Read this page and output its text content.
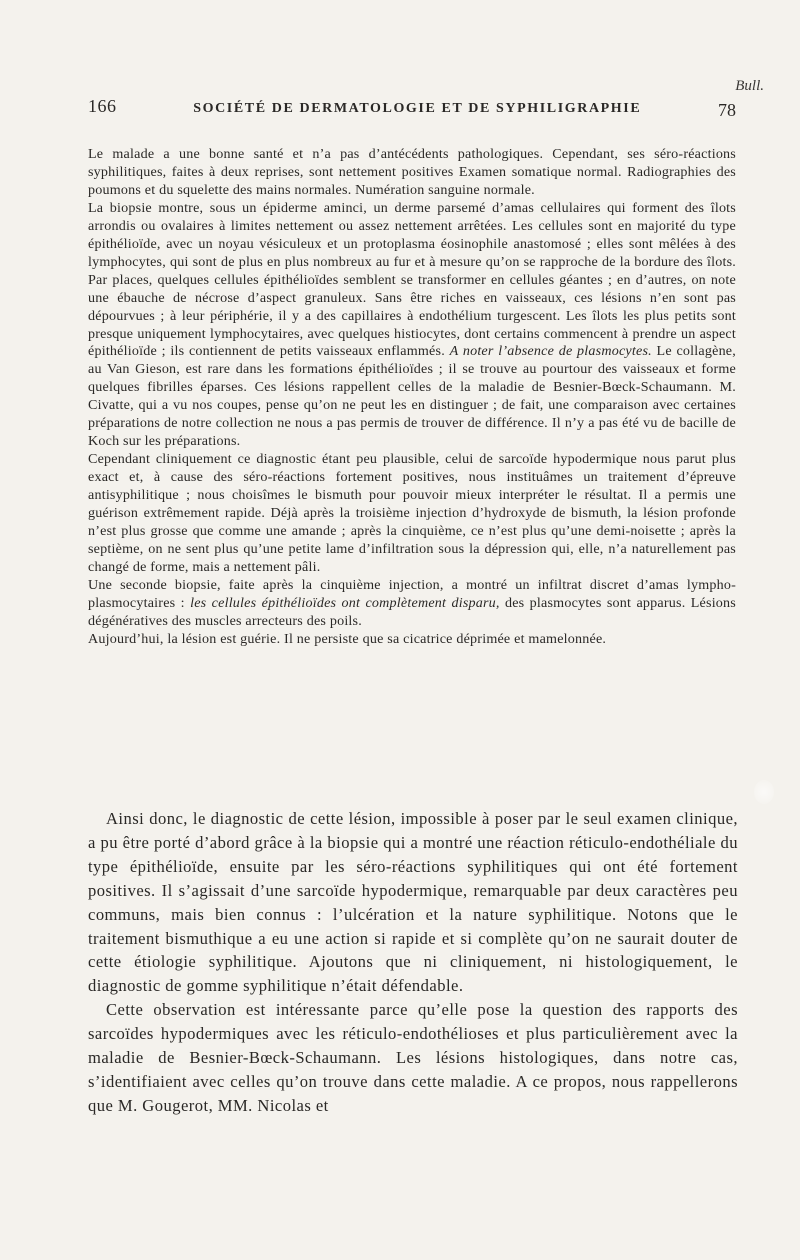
Bull.
166	SOCIÉTÉ DE DERMATOLOGIE ET DE SYPHILIGRAPHIE	78

Le malade a une bonne santé et n’a pas d’antécédents pathologiques. Cependant, ses séro-réactions syphilitiques, faites à deux reprises, sont nettement positives Examen somatique normal. Radiographies des poumons et du squelette des mains normales. Numération sanguine normale.

La biopsie montre, sous un épiderme aminci, un derme parsemé d’amas cellulaires qui forment des îlots arrondis ou ovalaires à limites nettement ou assez nettement arrêtées. Les cellules sont en majorité du type épithélioïde, avec un noyau vésiculeux et un protoplasma éosinophile anastomosé ; elles sont mêlées à des lymphocytes, qui sont de plus en plus nombreux au fur et à mesure qu’on se rapproche de la bordure des îlots. Par places, quelques cellules épithélioïdes semblent se transformer en cellules géantes ; en d’autres, on note une ébauche de nécrose d’aspect granuleux. Sans être riches en vaisseaux, ces lésions n’en sont pas dépourvues ; à leur périphérie, il y a des capillaires à endothélium turgescent. Les îlots les plus petits sont presque uniquement lymphocytaires, avec quelques histiocytes, dont certains commencent à prendre un aspect épithélioïde ; ils contiennent de petits vaisseaux enflammés. A noter l’absence de plasmocytes. Le collagène, au Van Gieson, est rare dans les formations épithélioïdes ; il se trouve au pourtour des vaisseaux et forme quelques fibrilles éparses. Ces lésions rappellent celles de la maladie de Besnier-Bœck-Schaumann. M. Civatte, qui a vu nos coupes, pense qu’on ne peut les en distinguer ; de fait, une comparaison avec certaines préparations de notre collection ne nous a pas permis de trouver de différence. Il n’y a pas été vu de bacille de Koch sur les préparations.

Cependant cliniquement ce diagnostic étant peu plausible, celui de sarcoïde hypodermique nous parut plus exact et, à cause des séro-réactions fortement positives, nous instituâmes un traitement d’épreuve antisyphilitique ; nous choisîmes le bismuth pour pouvoir mieux interpréter le résultat. Il a permis une guérison extrêmement rapide. Déjà après la troisième injection d’hydroxyde de bismuth, la lésion profonde n’est plus grosse que comme une amande ; après la cinquième, ce n’est plus qu’une demi-noisette ; après la septième, on ne sent plus qu’une petite lame d’infiltration sous la dépression qui, elle, n’a naturellement pas changé de forme, mais a nettement pâli.

Une seconde biopsie, faite après la cinquième injection, a montré un infiltrat discret d’amas lympho-plasmocytaires : les cellules épithélioïdes ont complètement disparu, des plasmocytes sont apparus. Lésions dégénératives des muscles arrecteurs des poils.

Aujourd’hui, la lésion est guérie. Il ne persiste que sa cicatrice déprimée et mamelonnée.

Ainsi donc, le diagnostic de cette lésion, impossible à poser par le seul examen clinique, a pu être porté d’abord grâce à la biopsie qui a montré une réaction réticulo-endothéliale du type épithélioïde, ensuite par les séro-réactions syphilitiques qui ont été fortement positives. Il s’agissait d’une sarcoïde hypodermique, remarquable par deux caractères peu communs, mais bien connus : l’ulcération et la nature syphilitique. Notons que le traitement bismuthique a eu une action si rapide et si complète qu’on ne saurait douter de cette étiologie syphilitique. Ajoutons que ni cliniquement, ni histologiquement, le diagnostic de gomme syphilitique n’était défendable.

Cette observation est intéressante parce qu’elle pose la question des rapports des sarcoïdes hypodermiques avec les réticulo-endothélioses et plus particulièrement avec la maladie de Besnier-Bœck-Schaumann. Les lésions histologiques, dans notre cas, s’identifiaient avec celles qu’on trouve dans cette maladie. A ce propos, nous rappellerons que M. Gougerot, MM. Nicolas et
